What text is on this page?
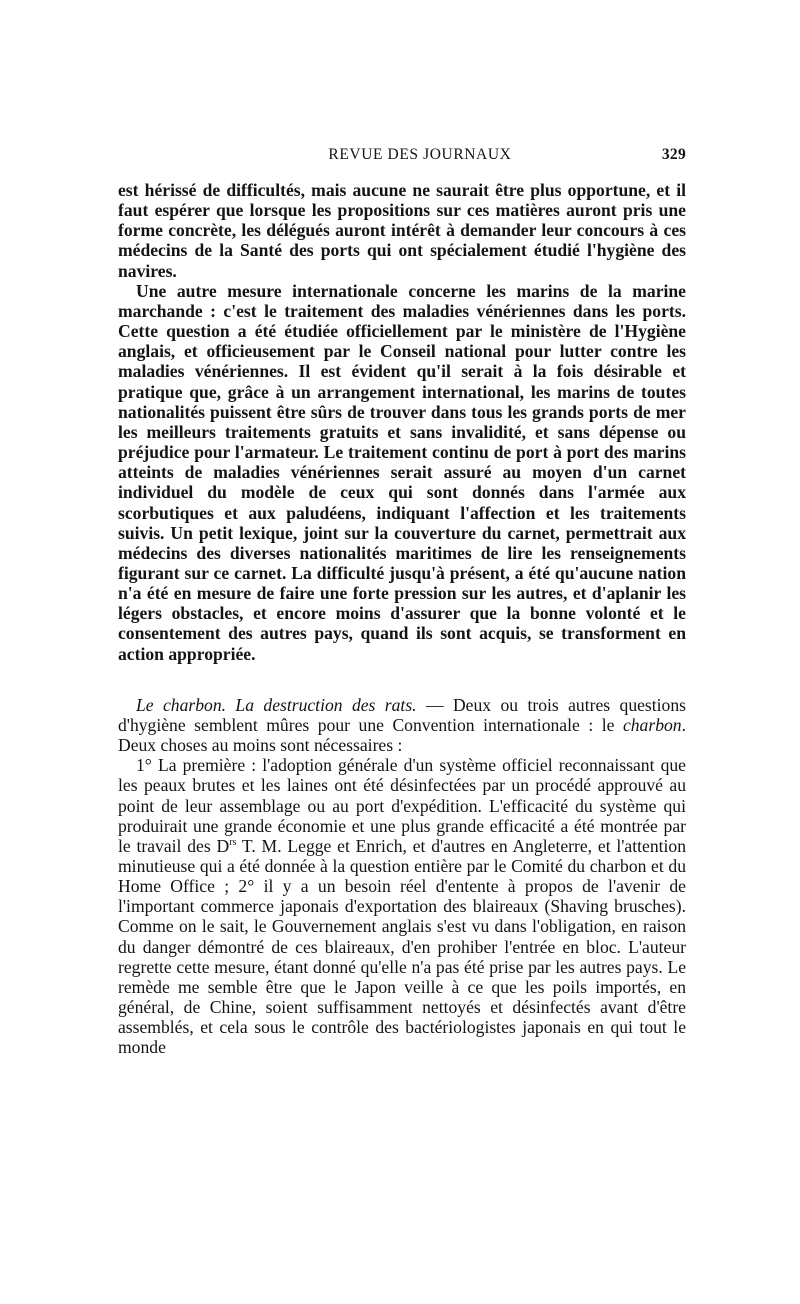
REVUE DES JOURNAUX	329

est hérissé de difficultés, mais aucune ne saurait être plus opportune, et il faut espérer que lorsque les propositions sur ces matières auront pris une forme concrète, les délégués auront intérêt à demander leur concours à ces médecins de la Santé des ports qui ont spécialement étudié l'hygiène des navires.

Une autre mesure internationale concerne les marins de la marine marchande : c'est le traitement des maladies vénériennes dans les ports. Cette question a été étudiée officiellement par le ministère de l'Hygiène anglais, et officieusement par le Conseil national pour lutter contre les maladies vénériennes. Il est évident qu'il serait à la fois désirable et pratique que, grâce à un arrangement international, les marins de toutes nationalités puissent être sûrs de trouver dans tous les grands ports de mer les meilleurs traitements gratuits et sans invalidité, et sans dépense ou préjudice pour l'armateur. Le traitement continu de port à port des marins atteints de maladies vénériennes serait assuré au moyen d'un carnet individuel du modèle de ceux qui sont donnés dans l'armée aux scorbutiques et aux paludéens, indiquant l'affection et les traitements suivis. Un petit lexique, joint sur la couverture du carnet, permettrait aux médecins des diverses nationalités maritimes de lire les renseignements figurant sur ce carnet. La difficulté jusqu'à présent, a été qu'aucune nation n'a été en mesure de faire une forte pression sur les autres, et d'aplanir les légers obstacles, et encore moins d'assurer que la bonne volonté et le consentement des autres pays, quand ils sont acquis, se transforment en action appropriée.

Le charbon. La destruction des rats. — Deux ou trois autres questions d'hygiène semblent mûres pour une Convention internationale : le charbon. Deux choses au moins sont nécessaires :

1° La première : l'adoption générale d'un système officiel reconnaissant que les peaux brutes et les laines ont été désinfectées par un procédé approuvé au point de leur assemblage ou au port d'expédition. L'efficacité du système qui produirait une grande économie et une plus grande efficacité a été montrée par le travail des $D^{rs}$ T. M. Legge et Enrich, et d'autres en Angleterre, et l'attention minutieuse qui a été donnée à la question entière par le Comité du charbon et du Home Office ; 2° il y a un besoin réel d'entente à propos de l'avenir de l'important commerce japonais d'exportation des blaireaux (Shaving brusches). Comme on le sait, le Gouvernement anglais s'est vu dans l'obligation, en raison du danger démontré de ces blaireaux, d'en prohiber l'entrée en bloc. L'auteur regrette cette mesure, étant donné qu'elle n'a pas été prise par les autres pays. Le remède me semble être que le Japon veille à ce que les poils importés, en général, de Chine, soient suffisamment nettoyés et désinfectés avant d'être assemblés, et cela sous le contrôle des bactériologistes japonais en qui tout le monde
